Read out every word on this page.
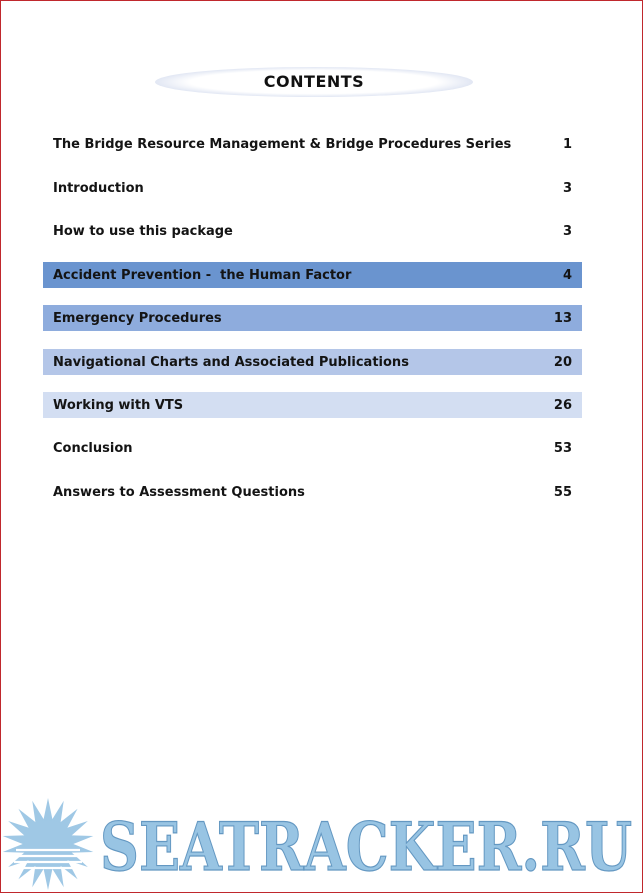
CONTENTS
The Bridge Resource Management & Bridge Procedures Series	1
Introduction	3
How to use this package	3
Accident Prevention -  the Human Factor	4
Emergency Procedures	13
Navigational Charts and Associated Publications	20
Working with VTS	26
Conclusion	53
Answers to Assessment Questions	55
SEATRACKER.RU
